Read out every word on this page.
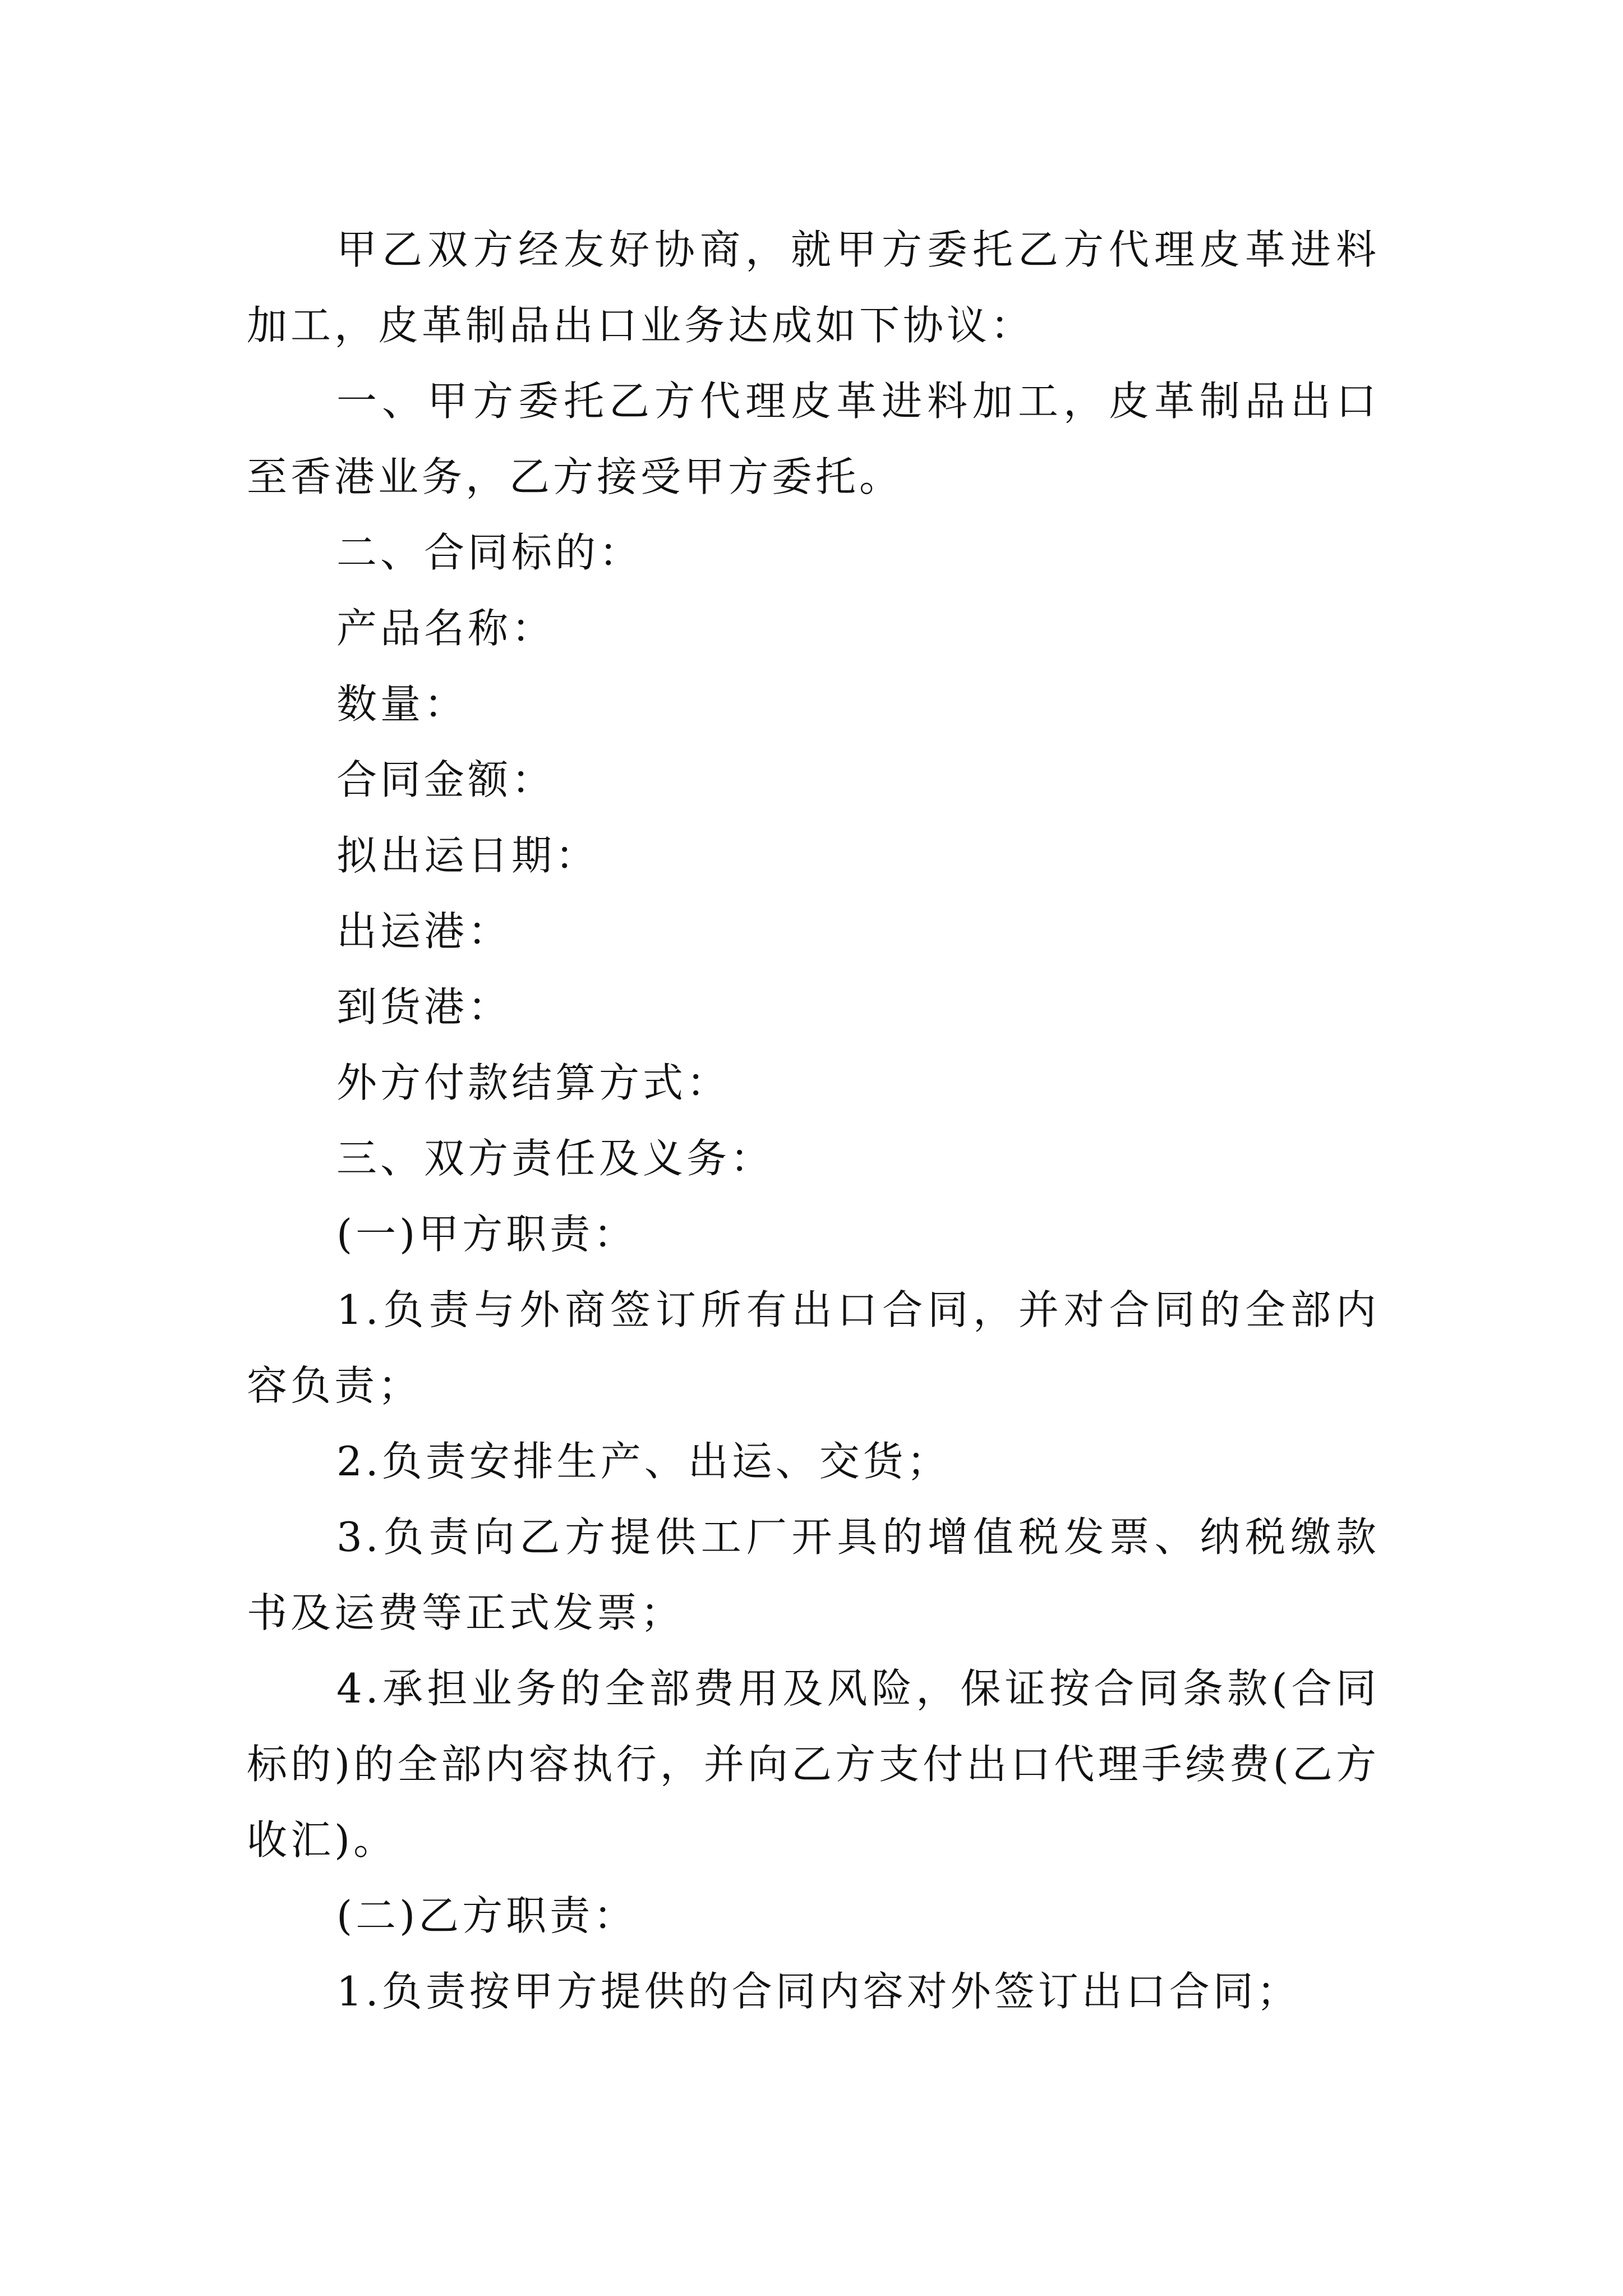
甲乙双方经友好协商，就甲方委托乙方代理皮革进料加工，皮革制品出口业务达成如下协议：

一、甲方委托乙方代理皮革进料加工，皮革制品出口至香港业务，乙方接受甲方委托。

二、合同标的：

产品名称：

数量：

合同金额：

拟出运日期：

出运港：

到货港：

外方付款结算方式：

三、双方责任及义务：

(一)甲方职责：

1.负责与外商签订所有出口合同，并对合同的全部内容负责；

2.负责安排生产、出运、交货；

3.负责向乙方提供工厂开具的增值税发票、纳税缴款书及运费等正式发票；

4.承担业务的全部费用及风险，保证按合同条款(合同标的)的全部内容执行，并向乙方支付出口代理手续费(乙方收汇)。

(二)乙方职责：

1.负责按甲方提供的合同内容对外签订出口合同；
